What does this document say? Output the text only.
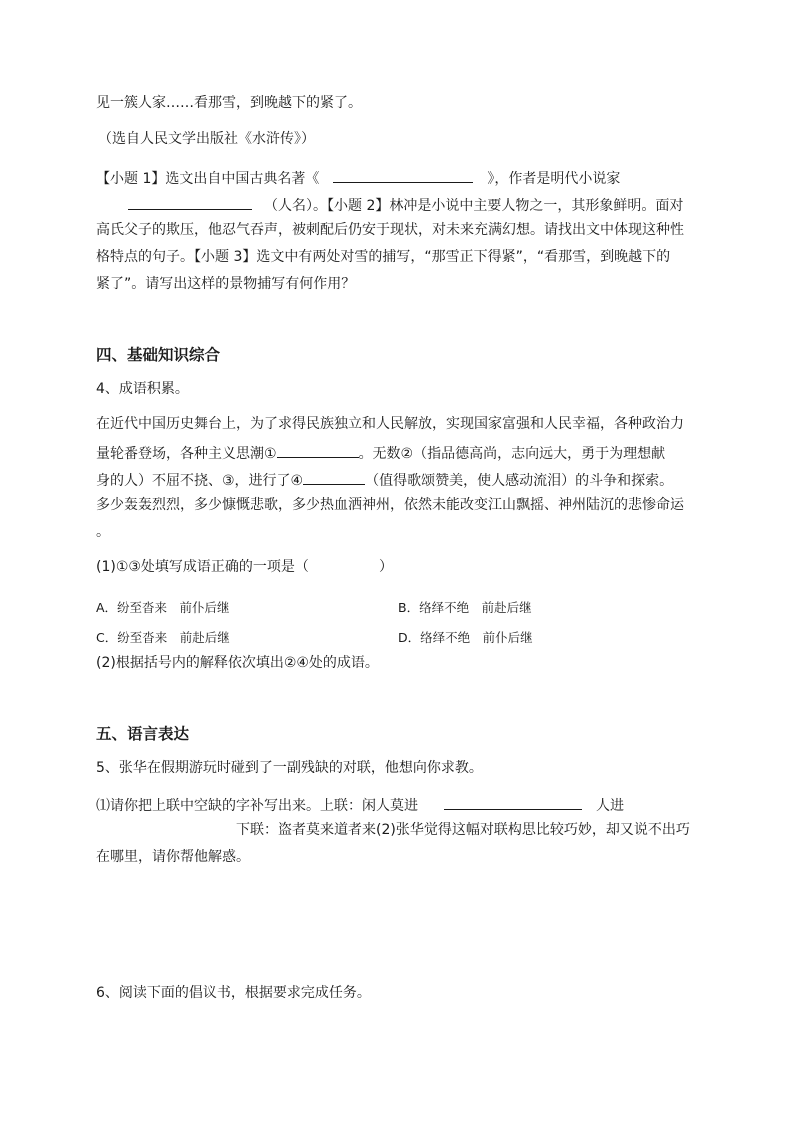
见一簇人家……看那雪，到晚越下的紧了。
（选自人民文学出版社《水浒传》）
【小题 1】选文出自中国古典名著《	》，作者是明代小说家
（人名）。【小题 2】林冲是小说中主要人物之一，其形象鲜明。面对
高氏父子的欺压，他忍气吞声，被刺配后仍安于现状，对未来充满幻想。请找出文中体现这种性
格特点的句子。【小题 3】选文中有两处对雪的捕写，“那雪正下得紧”，“看那雪，到晚越下的
紧了”。请写出这样的景物捕写有何作用？
四、基础知识综合
4、成语积累。
在近代中国历史舞台上，为了求得民族独立和人民解放，实现国家富强和人民幸福，各种政治力
量轮番登场，各种主义思潮①	。无数②（指品德高尚，志向远大，勇于为理想献
身的人）不屈不挠、③，进行了④	（值得歌颂赞美，使人感动流泪）的斗争和探索。
多少轰轰烈烈，多少慷慨悲歌，多少热血洒神州，依然未能改变江山飘摇、神州陆沉的悲惨命运
。
(1)①③处填写成语正确的一项是（	）
A．纷至沓来　前仆后继	B．络绎不绝　前赴后继
C．纷至沓来　前赴后继	D．络绎不绝　前仆后继
(2)根据括号内的解释依次填出②④处的成语。
五、语言表达
5、张华在假期游玩时碰到了一副残缺的对联，他想向你求教。
⑴请你把上联中空缺的字补写出来。上联：闲人莫进	人进
下联：盗者莫来道者来(2)张华觉得这幅对联构思比较巧妙，却又说不出巧
在哪里，请你帮他解惑。
6、阅读下面的倡议书，根据要求完成任务。
